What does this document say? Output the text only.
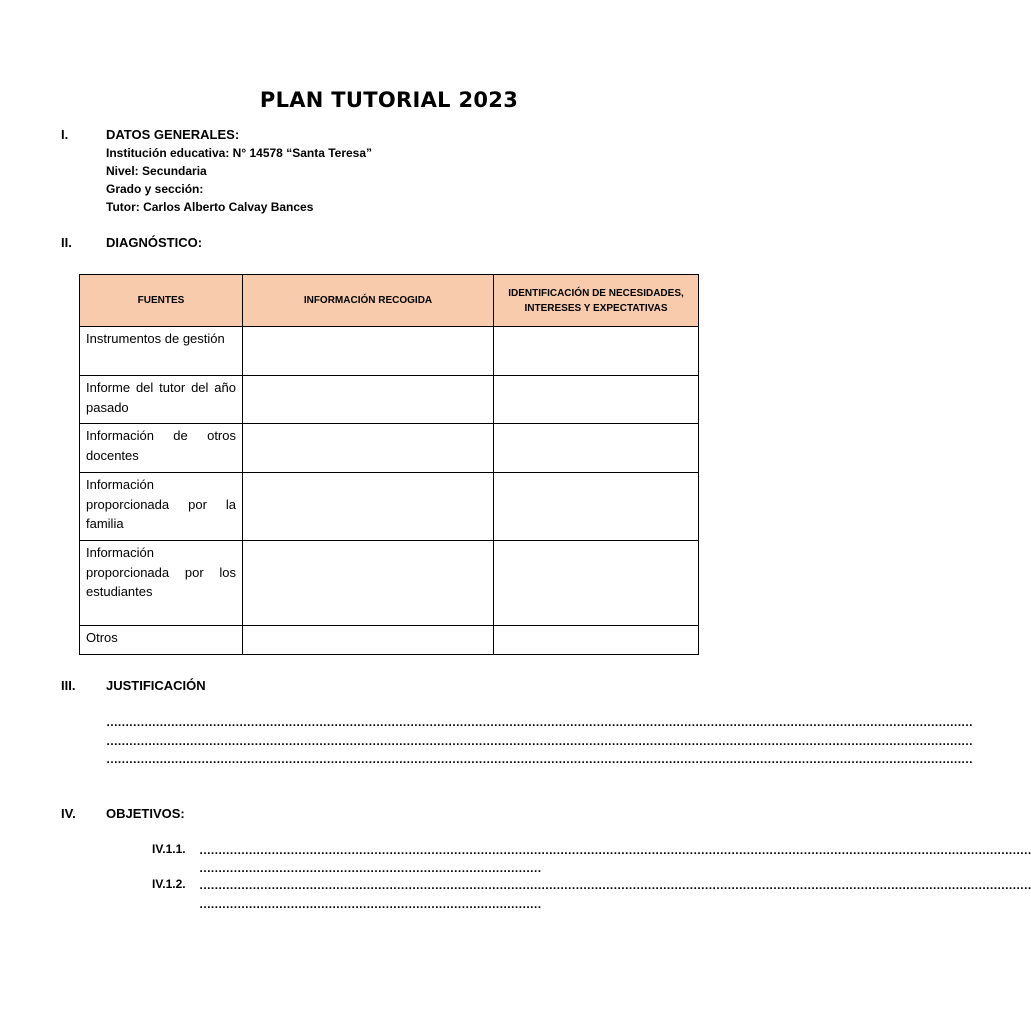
PLAN TUTORIAL 2023
I.	DATOS GENERALES:
Institución educativa: N° 14578 “Santa Teresa”
Nivel: Secundaria
Grado y sección:
Tutor: Carlos Alberto Calvay Bances
II.	DIAGNÓSTICO:
FUENTES	INFORMACIÓN RECOGIDA	IDENTIFICACIÓN DE NECESIDADES, INTERESES Y EXPECTATIVAS
Instrumentos de gestión		
Informe del tutor del año pasado		
Información de otros docentes		
Información proporcionada por la familia		
Información proporcionada por los estudiantes		
Otros		
III. JUSTIFICACIÓN
…………………………………………………………………………………………………………………………………………………………………………………………………………
…………………………………………………………………………………………………………………………………………………………………………………………………………
…………………………………………………………………………………………………………………………………………………………………………………………………………
IV. OBJETIVOS:
IV.1.1. …………………………………………………………………………………………………………………………………………………………………………………………………
………………………………………………………………………………
IV.1.2. …………………………………………………………………………………………………………………………………………………………………………………………………
………………………………………………………………………………
